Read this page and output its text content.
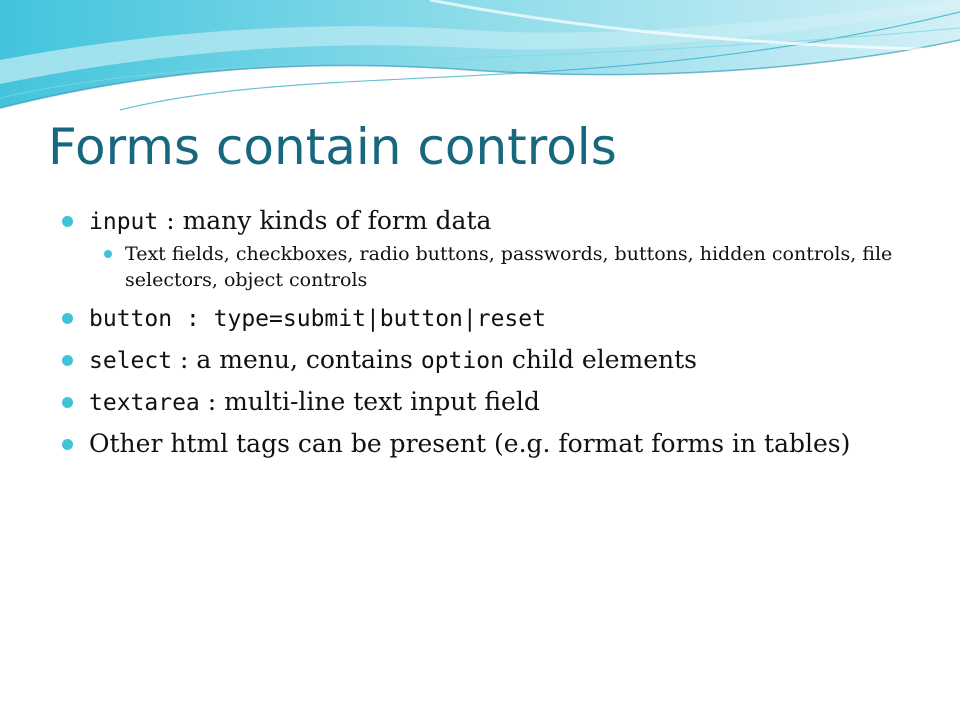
Forms contain controls
input : many kinds of form data
Text fields, checkboxes, radio buttons, passwords, buttons, hidden controls, file selectors, object controls
button : type=submit|button|reset
select : a menu, contains option child elements
textarea : multi-line text input field
Other html tags can be present (e.g. format forms in tables)
